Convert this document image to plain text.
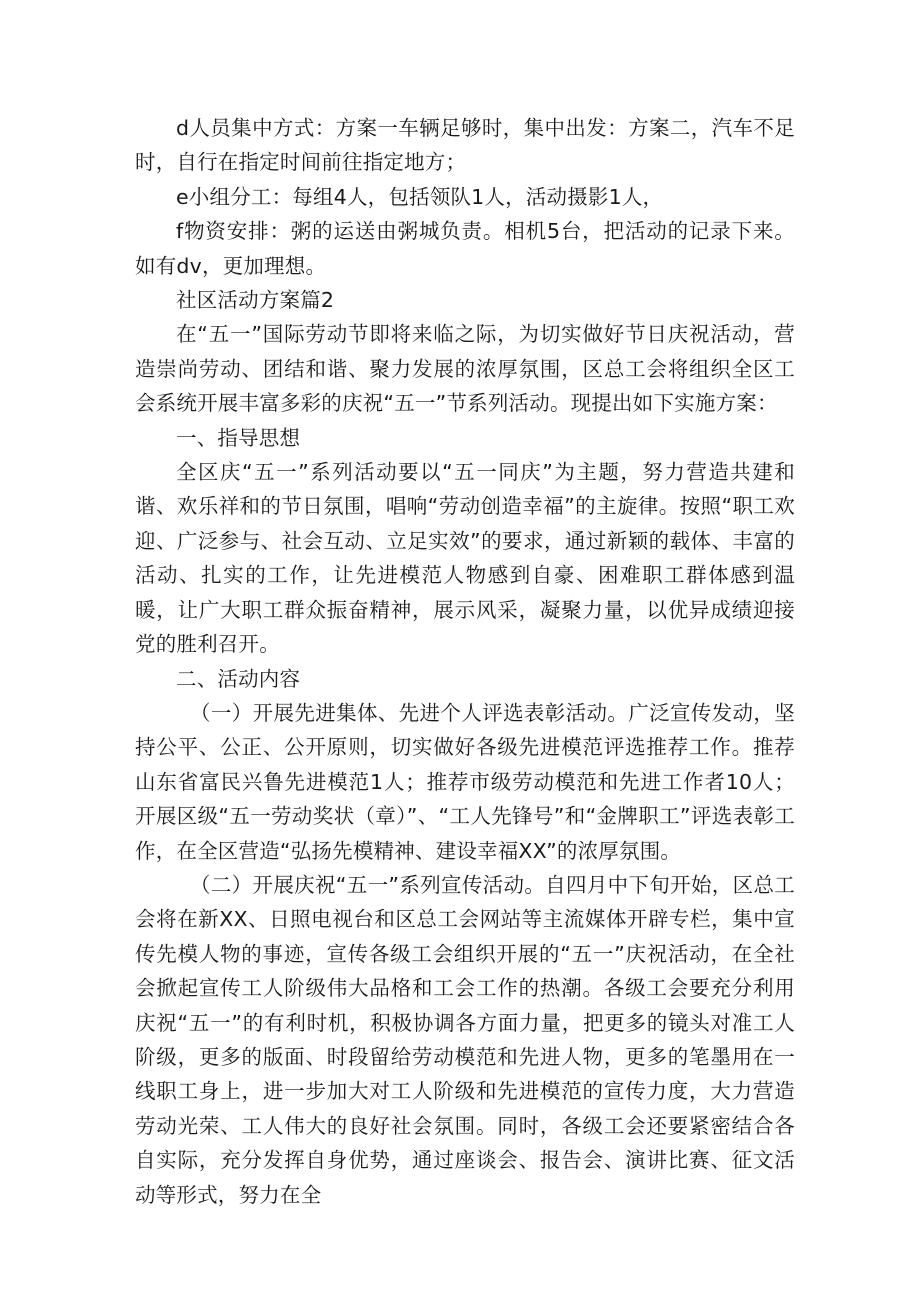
d人员集中方式：方案一车辆足够时，集中出发：方案二，汽车不足时，自行在指定时间前往指定地方；

e小组分工：每组4人，包括领队1人，活动摄影1人，

f物资安排：粥的运送由粥城负责。相机5台，把活动的记录下来。如有dv，更加理想。

社区活动方案篇2

在“五一”国际劳动节即将来临之际，为切实做好节日庆祝活动，营造崇尚劳动、团结和谐、聚力发展的浓厚氛围，区总工会将组织全区工会系统开展丰富多彩的庆祝“五一”节系列活动。现提出如下实施方案：

一、指导思想

全区庆“五一”系列活动要以“五一同庆”为主题，努力营造共建和谐、欢乐祥和的节日氛围，唱响“劳动创造幸福”的主旋律。按照“职工欢迎、广泛参与、社会互动、立足实效”的要求，通过新颖的载体、丰富的活动、扎实的工作，让先进模范人物感到自豪、困难职工群体感到温暖，让广大职工群众振奋精神，展示风采，凝聚力量，以优异成绩迎接党的胜利召开。

二、活动内容

（一）开展先进集体、先进个人评选表彰活动。广泛宣传发动，坚持公平、公正、公开原则，切实做好各级先进模范评选推荐工作。推荐山东省富民兴鲁先进模范1人；推荐市级劳动模范和先进工作者10人；开展区级“五一劳动奖状（章）”、“工人先锋号”和“金牌职工”评选表彰工作，在全区营造“弘扬先模精神、建设幸福XX”的浓厚氛围。

（二）开展庆祝“五一”系列宣传活动。自四月中下旬开始，区总工会将在新XX、日照电视台和区总工会网站等主流媒体开辟专栏，集中宣传先模人物的事迹，宣传各级工会组织开展的“五一”庆祝活动，在全社会掀起宣传工人阶级伟大品格和工会工作的热潮。各级工会要充分利用庆祝“五一”的有利时机，积极协调各方面力量，把更多的镜头对准工人阶级，更多的版面、时段留给劳动模范和先进人物，更多的笔墨用在一线职工身上，进一步加大对工人阶级和先进模范的宣传力度，大力营造劳动光荣、工人伟大的良好社会氛围。同时，各级工会还要紧密结合各自实际，充分发挥自身优势，通过座谈会、报告会、演讲比赛、征文活动等形式，努力在全
